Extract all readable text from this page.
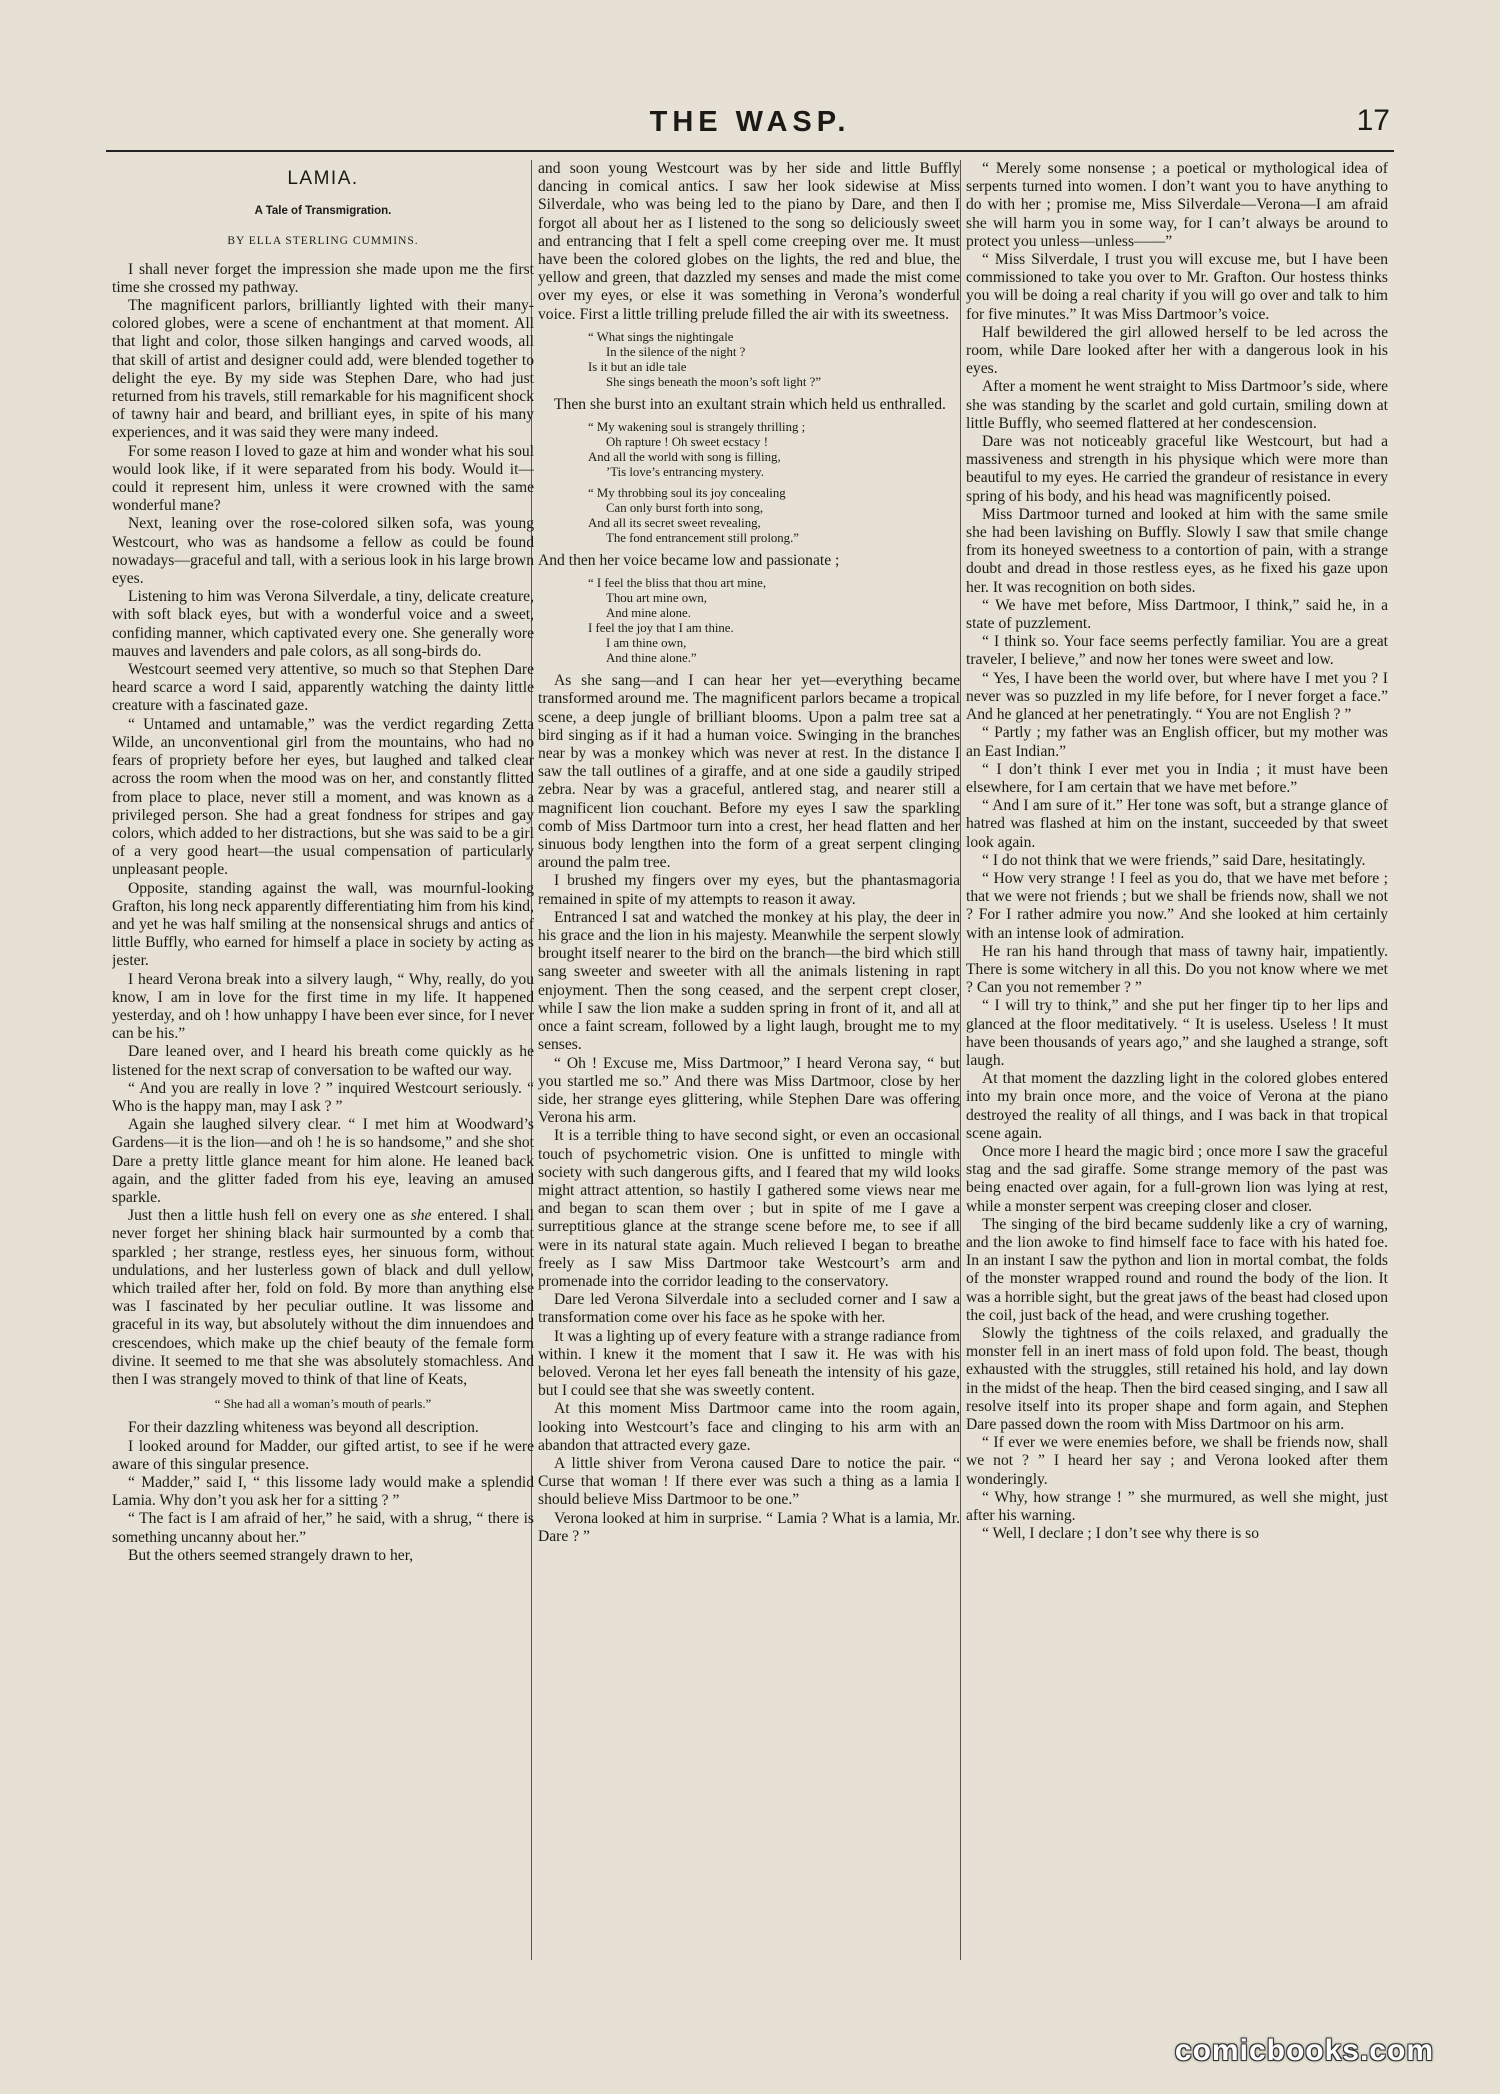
THE WASP.	17
LAMIA.
A Tale of Transmigration.
BY ELLA STERLING CUMMINS.

I shall never forget the impression she made upon me the first time she crossed my pathway.

The magnificent parlors, brilliantly lighted with their many-colored globes, were a scene of enchantment at that moment. All that light and color, those silken hangings and carved woods, all that skill of artist and designer could add, were blended together to delight the eye. By my side was Stephen Dare, who had just returned from his travels, still remarkable for his magnificent shock of tawny hair and beard, and brilliant eyes, in spite of his many experiences, and it was said they were many indeed.

For some reason I loved to gaze at him and wonder what his soul would look like, if it were separated from his body. Would it—could it represent him, unless it were crowned with the same wonderful mane?

Next, leaning over the rose-colored silken sofa, was young Westcourt, who was as handsome a fellow as could be found nowadays—graceful and tall, with a serious look in his large brown eyes.

Listening to him was Verona Silverdale, a tiny, delicate creature, with soft black eyes, but with a wonderful voice and a sweet, confiding manner, which captivated every one. She generally wore mauves and lavenders and pale colors, as all song-birds do.

Westcourt seemed very attentive, so much so that Stephen Dare heard scarce a word I said, apparently watching the dainty little creature with a fascinated gaze.

“ Untamed and untamable,” was the verdict regarding Zetta Wilde, an unconventional girl from the mountains, who had no fears of propriety before her eyes, but laughed and talked clear across the room when the mood was on her, and constantly flitted from place to place, never still a moment, and was known as a privileged person. She had a great fondness for stripes and gay colors, which added to her distractions, but she was said to be a girl of a very good heart—the usual compensation of particularly unpleasant people.

Opposite, standing against the wall, was mournful-looking Grafton, his long neck apparently differentiating him from his kind, and yet he was half smiling at the nonsensical shrugs and antics of little Buffly, who earned for himself a place in society by acting as jester.

I heard Verona break into a silvery laugh, “ Why, really, do you know, I am in love for the first time in my life. It happened yesterday, and oh ! how unhappy I have been ever since, for I never can be his.”

Dare leaned over, and I heard his breath come quickly as he listened for the next scrap of conversation to be wafted our way.

“ And you are really in love ? ” inquired Westcourt seriously. “ Who is the happy man, may I ask ? ”

Again she laughed silvery clear. “ I met him at Woodward’s Gardens—it is the lion—and oh ! he is so handsome,” and she shot Dare a pretty little glance meant for him alone. He leaned back again, and the glitter faded from his eye, leaving an amused sparkle.

Just then a little hush fell on every one as she entered. I shall never forget her shining black hair surmounted by a comb that sparkled ; her strange, restless eyes, her sinuous form, without undulations, and her lusterless gown of black and dull yellow, which trailed after her, fold on fold. By more than anything else was I fascinated by her peculiar outline. It was lissome and graceful in its way, but absolutely without the dim innuendoes and crescendoes, which make up the chief beauty of the female form divine. It seemed to me that she was absolutely stomachless. And then I was strangely moved to think of that line of Keats,

“ She had all a woman’s mouth of pearls.”

For their dazzling whiteness was beyond all description.

I looked around for Madder, our gifted artist, to see if he were aware of this singular presence.

“ Madder,” said I, “ this lissome lady would make a splendid Lamia. Why don’t you ask her for a sitting ? ”

“ The fact is I am afraid of her,” he said, with a shrug, “ there is something uncanny about her.”

But the others seemed strangely drawn to her,

and soon young Westcourt was by her side and little Buffly dancing in comical antics. I saw her look sidewise at Miss Silverdale, who was being led to the piano by Dare, and then I forgot all about her as I listened to the song so deliciously sweet and entrancing that I felt a spell come creeping over me. It must have been the colored globes on the lights, the red and blue, the yellow and green, that dazzled my senses and made the mist come over my eyes, or else it was something in Verona’s wonderful voice. First a little trilling prelude filled the air with its sweetness.

“ What sings the nightingale
In the silence of the night ?
Is it but an idle tale
She sings beneath the moon’s soft light ?”

Then she burst into an exultant strain which held us enthralled.

“ My wakening soul is strangely thrilling ;
Oh rapture ! Oh sweet ecstacy !
And all the world with song is filling,
’Tis love’s entrancing mystery.
“ My throbbing soul its joy concealing
Can only burst forth into song,
And all its secret sweet revealing,
The fond entrancement still prolong.”

And then her voice became low and passionate ;

“ I feel the bliss that thou art mine,
Thou art mine own,
And mine alone.
I feel the joy that I am thine.
I am thine own,
And thine alone.”

As she sang—and I can hear her yet—everything became transformed around me. The magnificent parlors became a tropical scene, a deep jungle of brilliant blooms. Upon a palm tree sat a bird singing as if it had a human voice. Swinging in the branches near by was a monkey which was never at rest. In the distance I saw the tall outlines of a giraffe, and at one side a gaudily striped zebra. Near by was a graceful, antlered stag, and nearer still a magnificent lion couchant. Before my eyes I saw the sparkling comb of Miss Dartmoor turn into a crest, her head flatten and her sinuous body lengthen into the form of a great serpent clinging around the palm tree.

I brushed my fingers over my eyes, but the phantasmagoria remained in spite of my attempts to reason it away.

Entranced I sat and watched the monkey at his play, the deer in his grace and the lion in his majesty. Meanwhile the serpent slowly brought itself nearer to the bird on the branch—the bird which still sang sweeter and sweeter with all the animals listening in rapt enjoyment. Then the song ceased, and the serpent crept closer, while I saw the lion make a sudden spring in front of it, and all at once a faint scream, followed by a light laugh, brought me to my senses.

“ Oh ! Excuse me, Miss Dartmoor,” I heard Verona say, “ but you startled me so.” And there was Miss Dartmoor, close by her side, her strange eyes glittering, while Stephen Dare was offering Verona his arm.

It is a terrible thing to have second sight, or even an occasional touch of psychometric vision. One is unfitted to mingle with society with such dangerous gifts, and I feared that my wild looks might attract attention, so hastily I gathered some views near me and began to scan them over ; but in spite of me I gave a surreptitious glance at the strange scene before me, to see if all were in its natural state again. Much relieved I began to breathe freely as I saw Miss Dartmoor take Westcourt’s arm and promenade into the corridor leading to the conservatory.

Dare led Verona Silverdale into a secluded corner and I saw a transformation come over his face as he spoke with her.

It was a lighting up of every feature with a strange radiance from within. I knew it the moment that I saw it. He was with his beloved. Verona let her eyes fall beneath the intensity of his gaze, but I could see that she was sweetly content.

At this moment Miss Dartmoor came into the room again, looking into Westcourt’s face and clinging to his arm with an abandon that attracted every gaze.

A little shiver from Verona caused Dare to notice the pair. “ Curse that woman ! If there ever was such a thing as a lamia I should believe Miss Dartmoor to be one.”

Verona looked at him in surprise. “ Lamia ? What is a lamia, Mr. Dare ? ”

“ Merely some nonsense ; a poetical or mythological idea of serpents turned into women. I don’t want you to have anything to do with her ; promise me, Miss Silverdale—Verona—I am afraid she will harm you in some way, for I can’t always be around to protect you unless—unless——”

“ Miss Silverdale, I trust you will excuse me, but I have been commissioned to take you over to Mr. Grafton. Our hostess thinks you will be doing a real charity if you will go over and talk to him for five minutes.” It was Miss Dartmoor’s voice.

Half bewildered the girl allowed herself to be led across the room, while Dare looked after her with a dangerous look in his eyes.

After a moment he went straight to Miss Dartmoor’s side, where she was standing by the scarlet and gold curtain, smiling down at little Buffly, who seemed flattered at her condescension.

Dare was not noticeably graceful like Westcourt, but had a massiveness and strength in his physique which were more than beautiful to my eyes. He carried the grandeur of resistance in every spring of his body, and his head was magnificently poised.

Miss Dartmoor turned and looked at him with the same smile she had been lavishing on Buffly. Slowly I saw that smile change from its honeyed sweetness to a contortion of pain, with a strange doubt and dread in those restless eyes, as he fixed his gaze upon her. It was recognition on both sides.

“ We have met before, Miss Dartmoor, I think,” said he, in a state of puzzlement.

“ I think so. Your face seems perfectly familiar. You are a great traveler, I believe,” and now her tones were sweet and low.

“ Yes, I have been the world over, but where have I met you ? I never was so puzzled in my life before, for I never forget a face.” And he glanced at her penetratingly. “ You are not English ? ”

“ Partly ; my father was an English officer, but my mother was an East Indian.”

“ I don’t think I ever met you in India ; it must have been elsewhere, for I am certain that we have met before.”

“ And I am sure of it.” Her tone was soft, but a strange glance of hatred was flashed at him on the instant, succeeded by that sweet look again.

“ I do not think that we were friends,” said Dare, hesitatingly.

“ How very strange ! I feel as you do, that we have met before ; that we were not friends ; but we shall be friends now, shall we not ? For I rather admire you now.” And she looked at him certainly with an intense look of admiration.

He ran his hand through that mass of tawny hair, impatiently. There is some witchery in all this. Do you not know where we met ? Can you not remember ? ”

“ I will try to think,” and she put her finger tip to her lips and glanced at the floor meditatively. “ It is useless. Useless ! It must have been thousands of years ago,” and she laughed a strange, soft laugh.

At that moment the dazzling light in the colored globes entered into my brain once more, and the voice of Verona at the piano destroyed the reality of all things, and I was back in that tropical scene again.

Once more I heard the magic bird ; once more I saw the graceful stag and the sad giraffe. Some strange memory of the past was being enacted over again, for a full-grown lion was lying at rest, while a monster serpent was creeping closer and closer.

The singing of the bird became suddenly like a cry of warning, and the lion awoke to find himself face to face with his hated foe. In an instant I saw the python and lion in mortal combat, the folds of the monster wrapped round and round the body of the lion. It was a horrible sight, but the great jaws of the beast had closed upon the coil, just back of the head, and were crushing together.

Slowly the tightness of the coils relaxed, and gradually the monster fell in an inert mass of fold upon fold. The beast, though exhausted with the struggles, still retained his hold, and lay down in the midst of the heap. Then the bird ceased singing, and I saw all resolve itself into its proper shape and form again, and Stephen Dare passed down the room with Miss Dartmoor on his arm.

“ If ever we were enemies before, we shall be friends now, shall we not ? ” I heard her say ; and Verona looked after them wonderingly.

“ Why, how strange ! ” she murmured, as well she might, just after his warning.

“ Well, I declare ; I don’t see why there is so

comicbooks.com
